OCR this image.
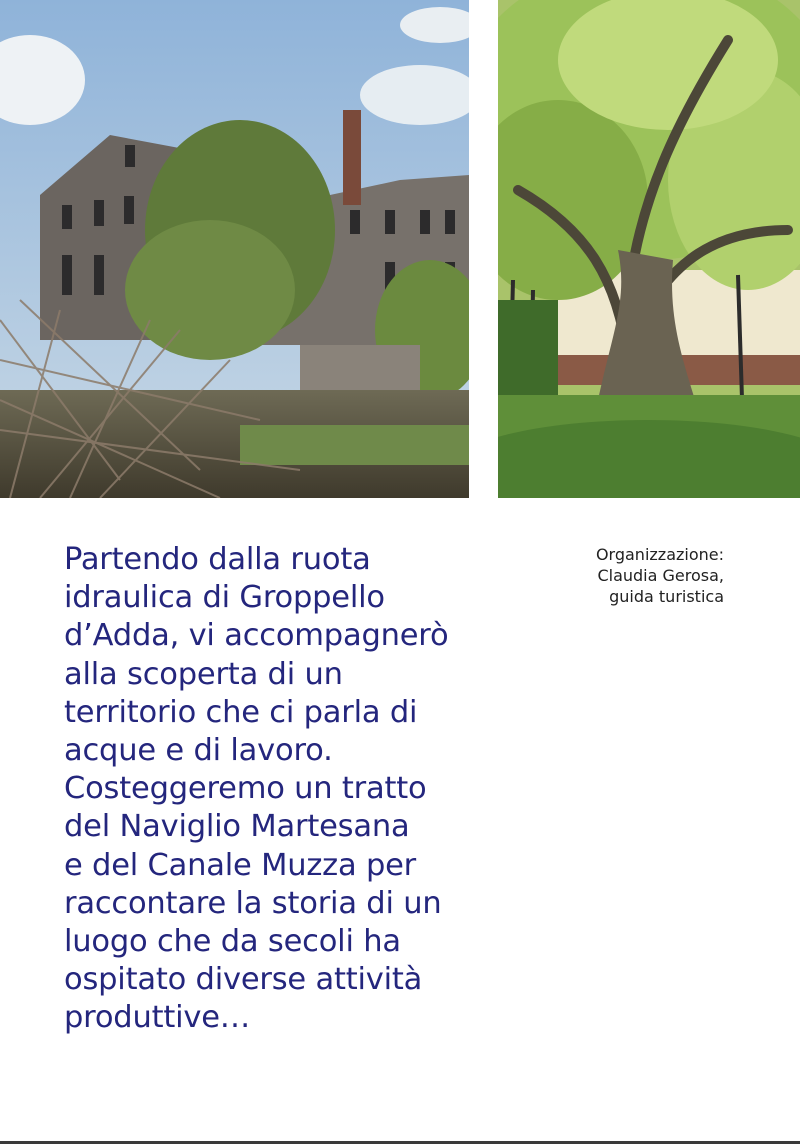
Partendo dalla ruota
idraulica di Groppello
d’Adda, vi accompagnerò
alla scoperta di un
territorio che ci parla di
acque e di lavoro.
Costeggeremo un tratto
del Naviglio Martesana
e del Canale Muzza per
raccontare la storia di un
luogo che da secoli ha
ospitato diverse attività
produttive…

Organizzazione:
Claudia Gerosa,
guida turistica
